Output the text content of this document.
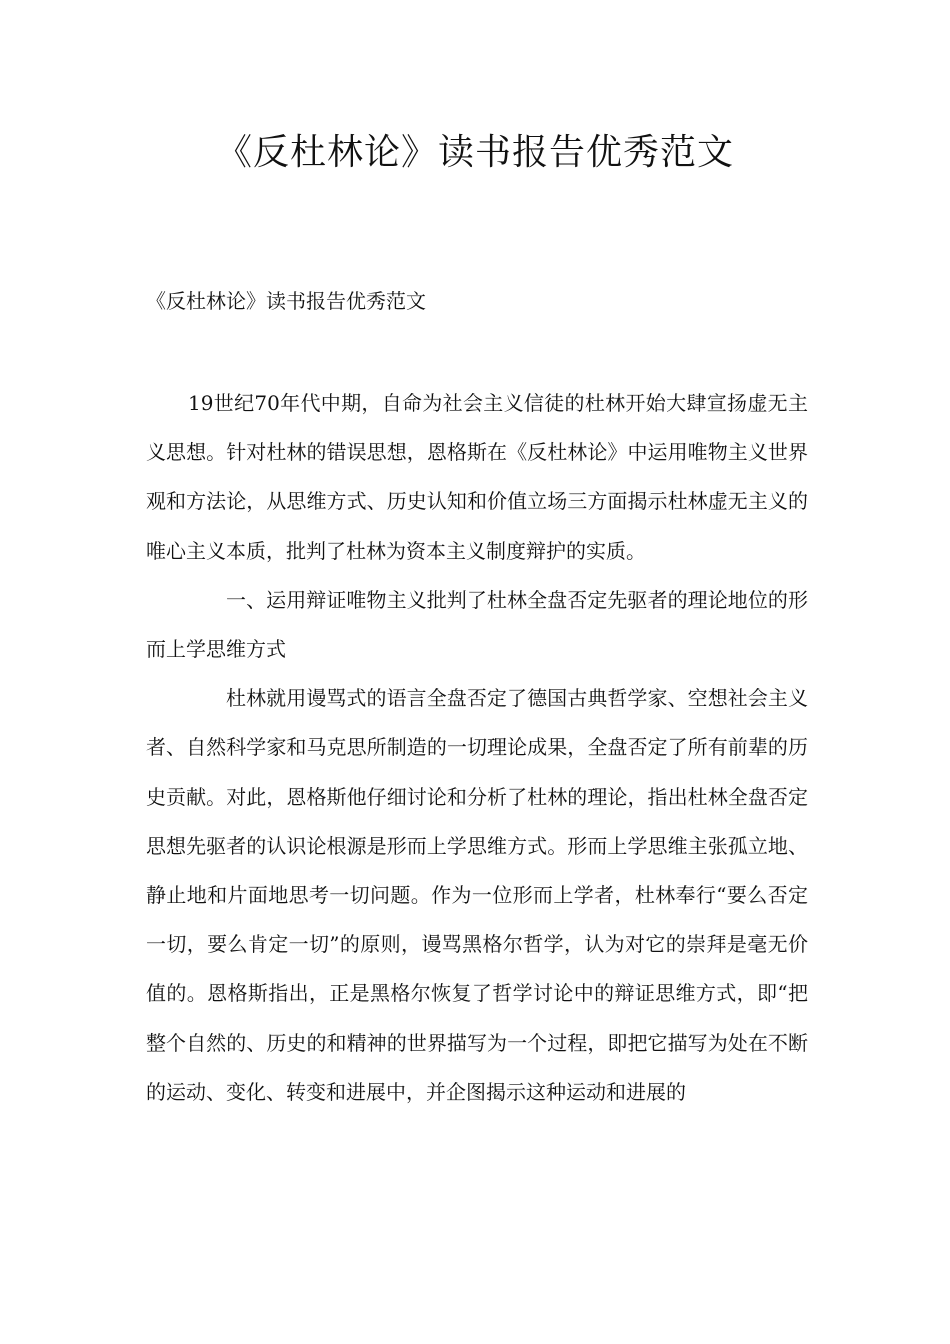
《反杜林论》读书报告优秀范文

《反杜林论》读书报告优秀范文

19世纪70年代中期，自命为社会主义信徒的杜林开始大肆宣扬虚无主义思想。针对杜林的错误思想，恩格斯在《反杜林论》中运用唯物主义世界观和方法论，从思维方式、历史认知和价值立场三方面揭示杜林虚无主义的唯心主义本质，批判了杜林为资本主义制度辩护的实质。

一、运用辩证唯物主义批判了杜林全盘否定先驱者的理论地位的形而上学思维方式

杜林就用谩骂式的语言全盘否定了德国古典哲学家、空想社会主义者、自然科学家和马克思所制造的一切理论成果，全盘否定了所有前辈的历史贡献。对此，恩格斯他仔细讨论和分析了杜林的理论，指出杜林全盘否定思想先驱者的认识论根源是形而上学思维方式。形而上学思维主张孤立地、静止地和片面地思考一切问题。作为一位形而上学者，杜林奉行“要么否定一切，要么肯定一切”的原则，谩骂黑格尔哲学，认为对它的崇拜是毫无价值的。恩格斯指出，正是黑格尔恢复了哲学讨论中的辩证思维方式，即“把整个自然的、历史的和精神的世界描写为一个过程，即把它描写为处在不断的运动、变化、转变和进展中，并企图揭示这种运动和进展的
